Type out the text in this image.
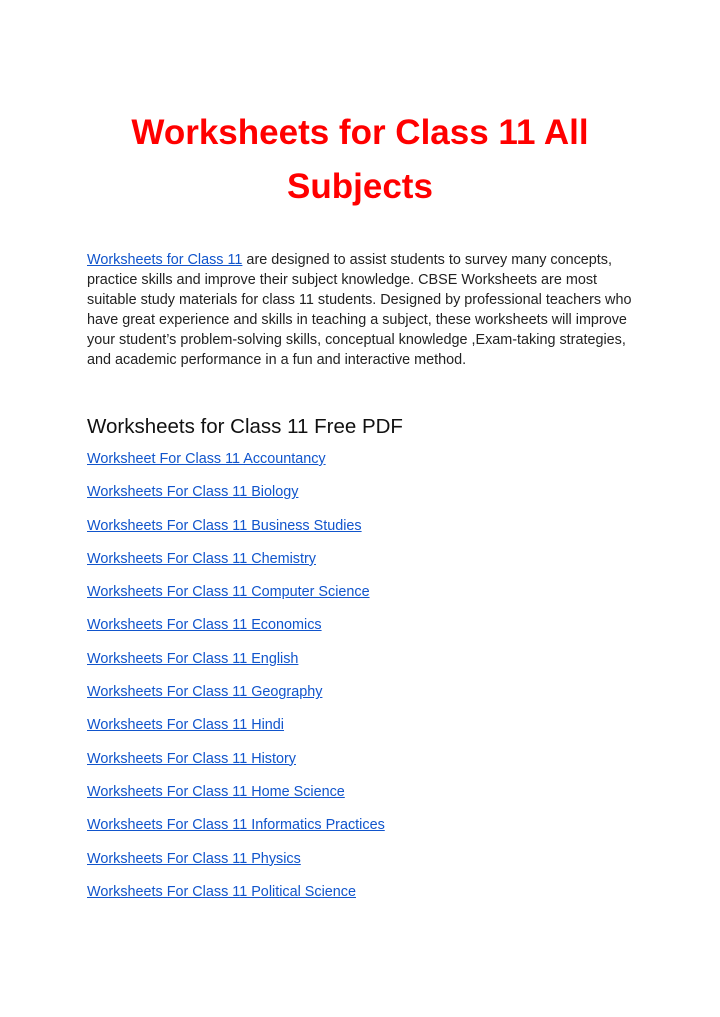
Worksheets for Class 11 All Subjects

Worksheets for Class 11 are designed to assist students to survey many concepts, practice skills and improve their subject knowledge. CBSE Worksheets are most suitable study materials for class 11 students. Designed by professional teachers who have great experience and skills in teaching a subject, these worksheets will improve your student’s problem-solving skills, conceptual knowledge ,Exam-taking strategies, and academic performance in a fun and interactive method.

Worksheets for Class 11 Free PDF
Worksheet For Class 11 Accountancy
Worksheets For Class 11 Biology
Worksheets For Class 11 Business Studies
Worksheets For Class 11 Chemistry
Worksheets For Class 11 Computer Science
Worksheets For Class 11 Economics
Worksheets For Class 11 English
Worksheets For Class 11 Geography
Worksheets For Class 11 Hindi
Worksheets For Class 11 History
Worksheets For Class 11 Home Science
Worksheets For Class 11 Informatics Practices
Worksheets For Class 11 Physics
Worksheets For Class 11 Political Science
